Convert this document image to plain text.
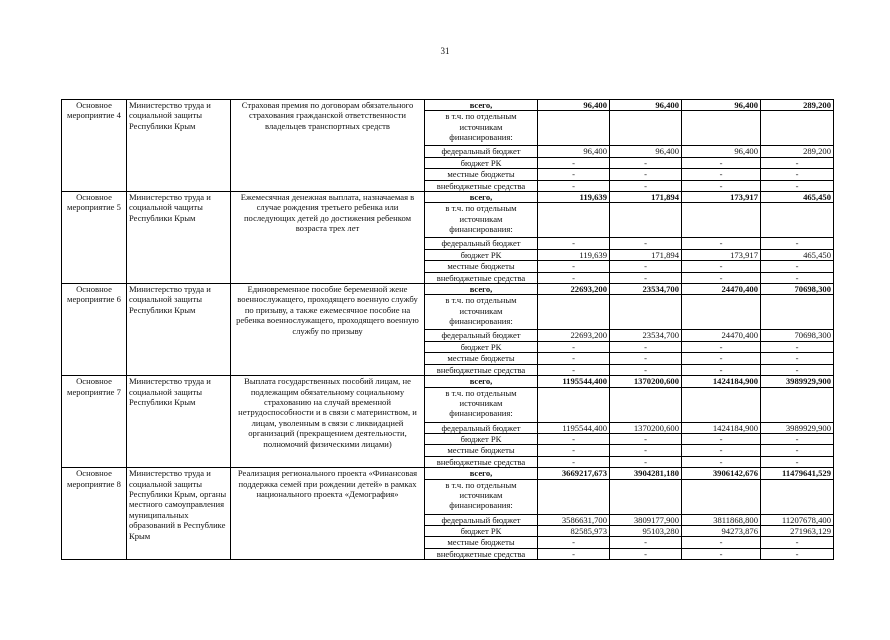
31
Основное мероприятие 4	Министерство труда и социальной защиты Республики Крым	Страховая премия по договорам обязательного страхования гражданской ответственности владельцев транспортных средств	всего,	96,400	96,400	96,400	289,200
			в т.ч. по отдельным источникам финансирования:				
			федеральный бюджет	96,400	96,400	96,400	289,200
			бюджет РК	-	-	-	-
			местные бюджеты	-	-	-	-
			внебюджетные средства	-	-	-	-
Основное мероприятие 5	Министерство труда и социальной чащиты Республики Крым	Ежемесячная денежная выплата, назначаемая в случае рождения третьего ребенка или последующих детей до достижения ребенком возраста трех лет	всего,	119,639	171,894	173,917	465,450
			в т.ч. по отдельным источникам финансирования:				
			федеральный бюджет	-	-	-	-
			бюджет РК	119,639	171,894	173,917	465,450
			местные бюджеты	-	-	-	-
			внебюджетные средства	-	-	-	-
Основное мероприятие 6	Министерство труда и социальной защиты Республики Крым	Единовременное пособие беременной жене военнослужащего, проходящего военную службу по призыву, а также ежемесячное пособие на ребенка военнослужащего, проходящего военную службу по призыву	всего,	22693,200	23534,700	24470,400	70698,300
			в т.ч. по отдельным источникам финансирования:				
			федеральный бюджет	22693,200	23534,700	24470,400	70698,300
			бюджет РК	-	-	-	-
			местные бюджеты	-	-	-	-
			внебюджетные средства	-	-	-	-
Основное мероприятие 7	Министерство труда и социальной защиты Республики Крым	Выплата государственных пособий лицам, не подлежащим обязательному социальному страхованию на случай временной нетрудоспособности и в связи с материнством, и лицам, уволенным в связи с ликвидацией организаций (прекращением деятельности, полномочий физическими лицами)	всего,	1195544,400	1370200,600	1424184,900	3989929,900
			в т.ч. по отдельным источникам финансирования:				
			федеральный бюджет	1195544,400	1370200,600	1424184,900	3989929,900
			бюджет РК	-	-	-	-
			местные бюджеты	-	-	-	-
			внебюджетные средства	-	-	-	-
Основное мероприятие 8	Министерство труда и социальной защиты Республики Крым, органы местного самоуправления муниципальных образований в Республике Крым	Реализация регионального проекта «Финансовая поддержка семей при рождении детей» в рамках национального проекта «Демография»	всего,	3669217,673	3904281,180	3906142,676	11479641,529
			в т.ч. по отдельным источникам финансирования:				
			федеральный бюджет	3586631,700	3809177,900	3811868,800	11207678,400
			бюджет РК	82585,973	95103,280	94273,876	271963,129
			местные бюджеты	-	-	-	-
			внебюджетные средства	-	-	-	-
